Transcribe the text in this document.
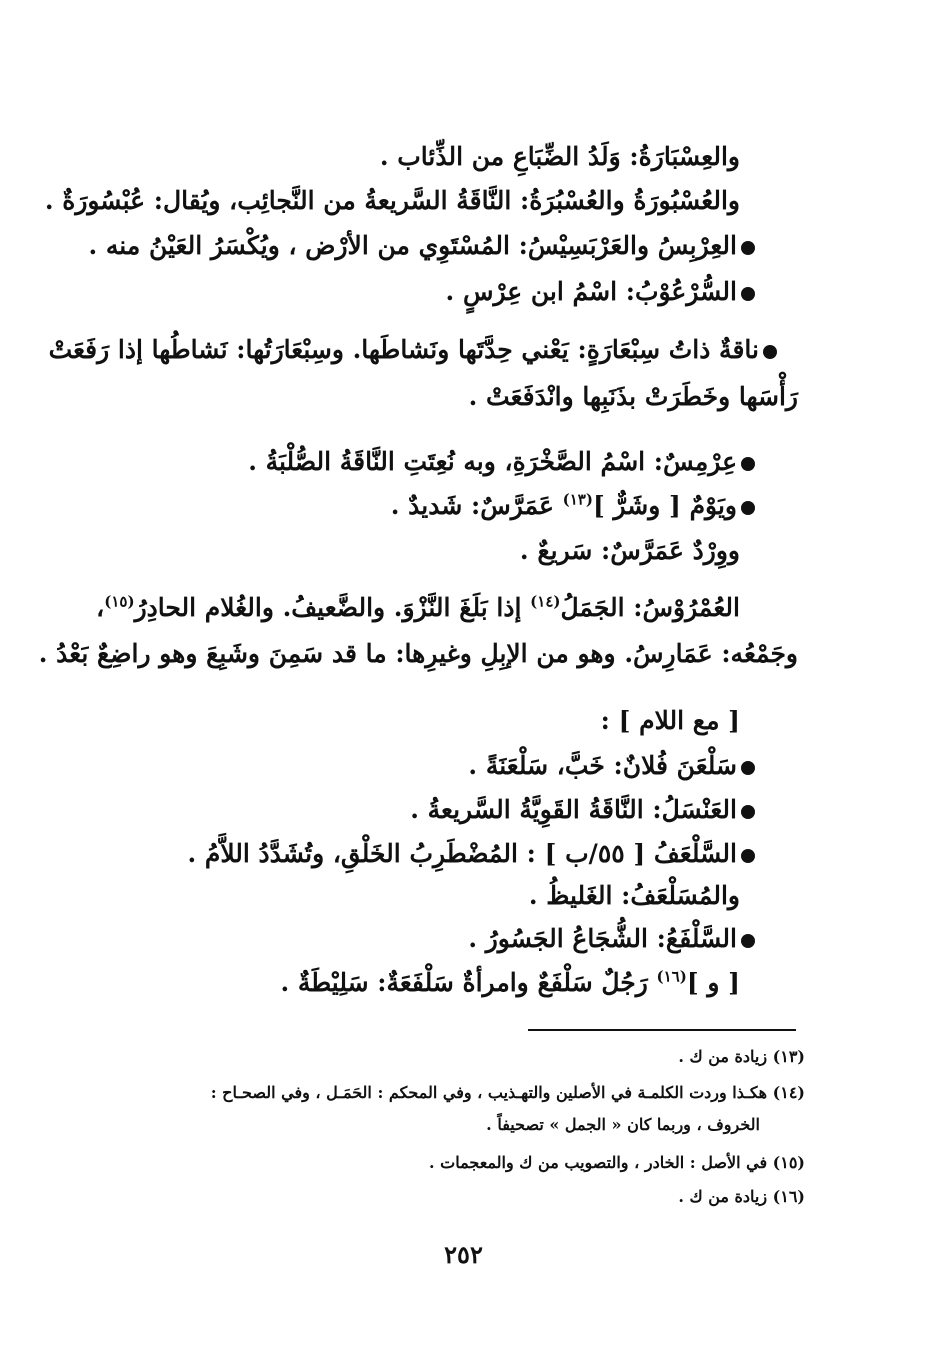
والعِسْبَارَةُ: وَلَدُ الضِّبَاعِ من الذِّئاب .
والعُسْبُورَةُ والعُسْبُرَةُ: النَّاقَةُ السَّريعةُ من النَّجائِب، ويُقال: عُبْسُورَةٌ .
العِرْبِسُ والعَرْبَسِيْسُ: المُسْتَوِي من الأرْض ، ويُكْسَرُ العَيْنُ منه .
السُّرْعُوْبُ: اسْمُ ابن عِرْسٍ .
ناقةٌ ذاتُ سِبْعَارَةٍ: يَعْني حِدَّتَها ونَشاطَها. وسِبْعَارَتُها: نَشاطُها إذا رَفَعَتْ
رَأْسَها وخَطَرَتْ بذَنَبِها وانْدَفَعَتْ .
عِرْمِسٌ: اسْمُ الصَّخْرَةِ، وبه نُعِتَتِ النَّاقَةُ الصُّلْبَةُ .
ويَوْمٌ [ وشَرٌّ ]$^{(١٣)}$ عَمَرَّسٌ: شَديدٌ .
ووِرْدٌ عَمَرَّسٌ: سَريعٌ .
العُمْرُوْسُ: الجَمَلُ$^{(١٤)}$ إذا بَلَغَ النَّزْوَ. والضَّعيفُ. والغُلام الحادِرُ$^{(١٥)}$،
وجَمْعُه: عَمَارِسُ. وهو من الإبِلِ وغيرِها: ما قد سَمِنَ وشَبِعَ وهو راضِعٌ بَعْدُ .
[ مع اللام ] :
سَلْعَنَ فُلانٌ: خَبَّ، سَلْعَنَةً .
العَنْسَلُ: النَّاقَةُ القَوِيَّةُ السَّريعةُ .
السَّلْعَفُ [ ٥٥/ب ] : المُضْطَرِبُ الخَلْقِ، وتُشَدَّدُ اللاَّمُ .
والمُسَلْعَفُ: الغَليظُ .
السَّلْفَعُ: الشُّجَاعُ الجَسُورُ .
[ و ]$^{(١٦)}$ رَجُلٌ سَلْفَعٌ وامرأةٌ سَلْفَعَةٌ: سَلِيْطَةٌ .
(١٣) زيادة من ك .
(١٤) هكـذا وردت الكلمـة في الأصلين والتهـذيب ، وفي المحكم : الحَمَـل ، وفي الصحـاح :
الخروف ، وربما كان « الجمل » تصحيفاً .
(١٥) في الأصل : الخادر ، والتصويب من ك والمعجمات .
(١٦) زيادة من ك .
٢٥٢
